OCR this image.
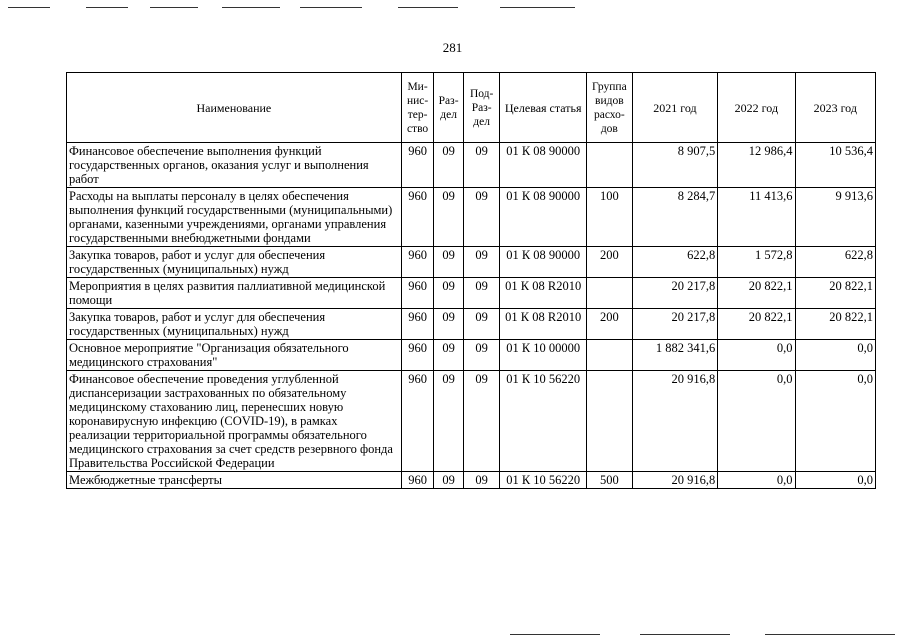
281
Наименование	Ми-нис-тер-ство	Раз-дел	Под-Раз-дел	Целевая статья	Группа видов расхо-дов	2021 год	2022 год	2023 год
Финансовое обеспечение выполнения функций государственных органов, оказания услуг и выполнения работ	960	09	09	01 К 08 90000		8 907,5	12 986,4	10 536,4
Расходы на выплаты персоналу в целях обеспечения выполнения функций государственными (муниципальными) органами, казенными учреждениями, органами управления государственными внебюджетными фондами	960	09	09	01 К 08 90000	100	8 284,7	11 413,6	9 913,6
Закупка товаров, работ и услуг для обеспечения государственных (муниципальных) нужд	960	09	09	01 К 08 90000	200	622,8	1 572,8	622,8
Мероприятия в целях развития паллиативной медицинской помощи	960	09	09	01 К 08 R2010		20 217,8	20 822,1	20 822,1
Закупка товаров, работ и услуг для обеспечения государственных (муниципальных) нужд	960	09	09	01 К 08 R2010	200	20 217,8	20 822,1	20 822,1
Основное мероприятие "Организация обязательного медицинского страхования"	960	09	09	01 К 10 00000		1 882 341,6	0,0	0,0
Финансовое обеспечение проведения углубленной диспансеризации застрахованных по обязательному медицинскому стахованию лиц, перенесших новую коронавирусную инфекцию (COVID-19), в рамках реализации территориальной программы обязательного медицинского страхования за счет средств резервного фонда Правительства Российской Федерации	960	09	09	01 К 10 56220		20 916,8	0,0	0,0
Межбюджетные трансферты	960	09	09	01 К 10 56220	500	20 916,8	0,0	0,0
